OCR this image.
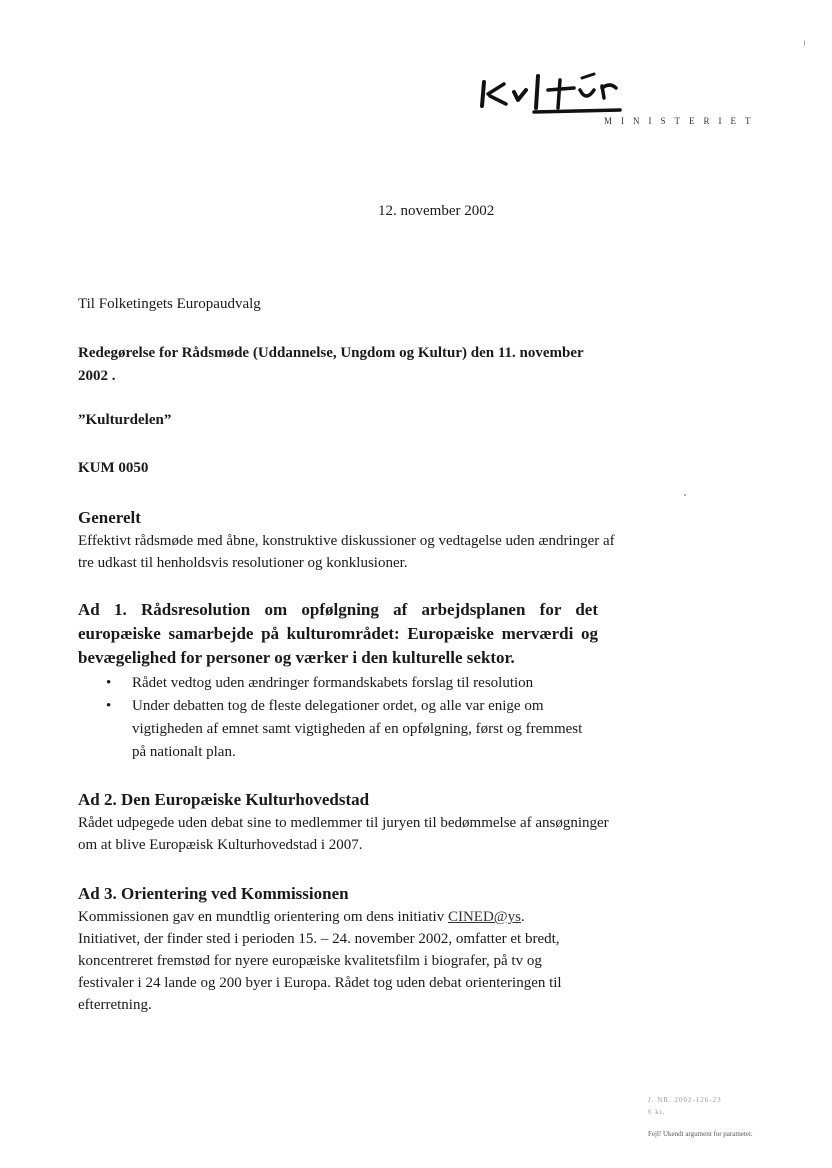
MINISTERIET
12. november 2002
Til Folketingets Europaudvalg
Redegørelse for Rådsmøde (Uddannelse, Ungdom og Kultur) den 11. november 2002 .
”Kulturdelen”
KUM 0050
Generelt

Effektivt rådsmøde med åbne, konstruktive diskussioner og vedtagelse uden ændringer af tre udkast til henholdsvis resolutioner og konklusioner.

Ad 1. Rådsresolution om opfølgning af arbejdsplanen for det europæiske samarbejde på kulturområdet: Europæiske merværdi og bevægelighed for personer og værker i den kulturelle sektor.
• Rådet vedtog uden ændringer formandskabets forslag til resolution
• Under debatten tog de fleste delegationer ordet, og alle var enige om vigtigheden af emnet samt vigtigheden af en opfølgning, først og fremmest på nationalt plan.
Ad 2. Den Europæiske Kulturhovedstad

Rådet udpegede uden debat sine to medlemmer til juryen til bedømmelse af ansøgninger om at blive Europæisk Kulturhovedstad i 2007.

Ad 3. Orientering ved Kommissionen

Kommissionen gav en mundtlig orientering om dens initiativ CINED@ys. Initiativet, der finder sted i perioden 15. – 24. november 2002, omfatter et bredt, koncentreret fremstød for nyere europæiske kvalitetsfilm i biografer, på tv og festivaler i 24 lande og 200 byer i Europa. Rådet tog uden debat orienteringen til efterretning.

J. NR. 2002-126-23
6 kt.
Fejl! Ukendt argument for parameter.
